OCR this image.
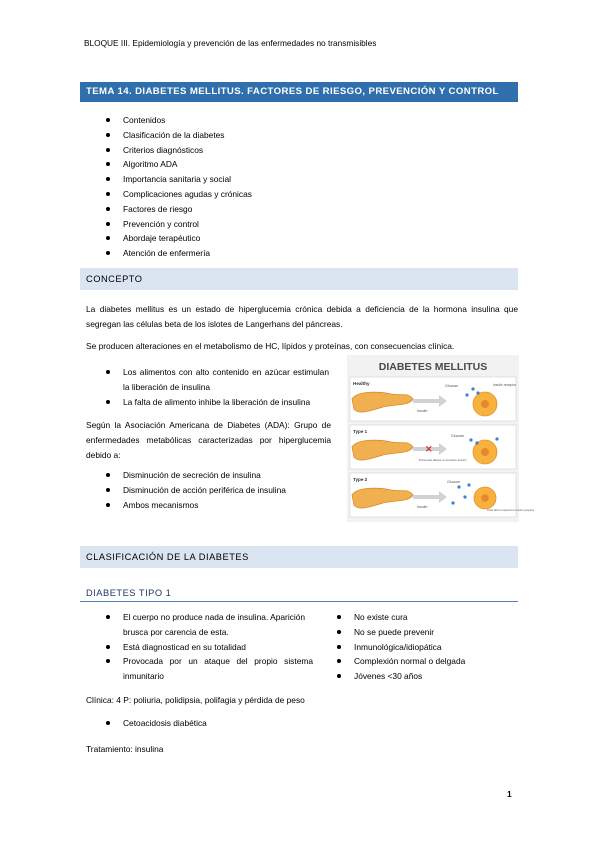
BLOQUE III. Epidemiología y prevención de las enfermedades no transmisibles
TEMA 14. DIABETES MELLITUS. FACTORES DE RIESGO, PREVENCIÓN Y CONTROL
Contenidos
Clasificación de la diabetes
Criterios diagnósticos
Algoritmo ADA
Importancia sanitaria y social
Complicaciones agudas y crónicas
Factores de riesgo
Prevención y control
Abordaje terapéutico
Atención de enfermería
CONCEPTO
La diabetes mellitus es un estado de hiperglucemia crónica debida a deficiencia de la hormona insulina que segregan las células beta de los islotes de Langerhans del páncreas.
Se producen alteraciones en el metabolismo de HC, lípidos y proteínas, con consecuencias clínica.
Los alimentos con alto contenido en azúcar estimulan la liberación de insulina
La falta de alimento inhibe la liberación de insulina
Según la Asociación Americana de Diabetes (ADA): Grupo de enfermedades metabólicas caracterizadas por hiperglucemia debido a:
Disminución de secreción de insulina
Disminución de acción periférica de insulina
Ambos mecanismos
DIABETES MELLITUS
Healthy
Insulin
Glucose	Insulin receptor
Type 1
✕
Pancreas failure to produce insulin
Glucose
Type 2
Insulin
Glucose
Cells fail to respond to insulin properly
CLASIFICACIÓN DE LA DIABETES
DIABETES TIPO 1
El cuerpo no produce nada de insulina. Aparición brusca por carencia de esta.
Está diagnosticad en su totalidad
Provocada por un ataque del propio sistema inmunitario
No existe cura
No se puede prevenir
Inmunológica/idiopática
Complexión normal o delgada
Jóvenes <30 años
Clínica: 4 P: poliuria, polidipsia, polifagia y pérdida de peso
Cetoacidosis diabética
Tratamiento: insulina
1
